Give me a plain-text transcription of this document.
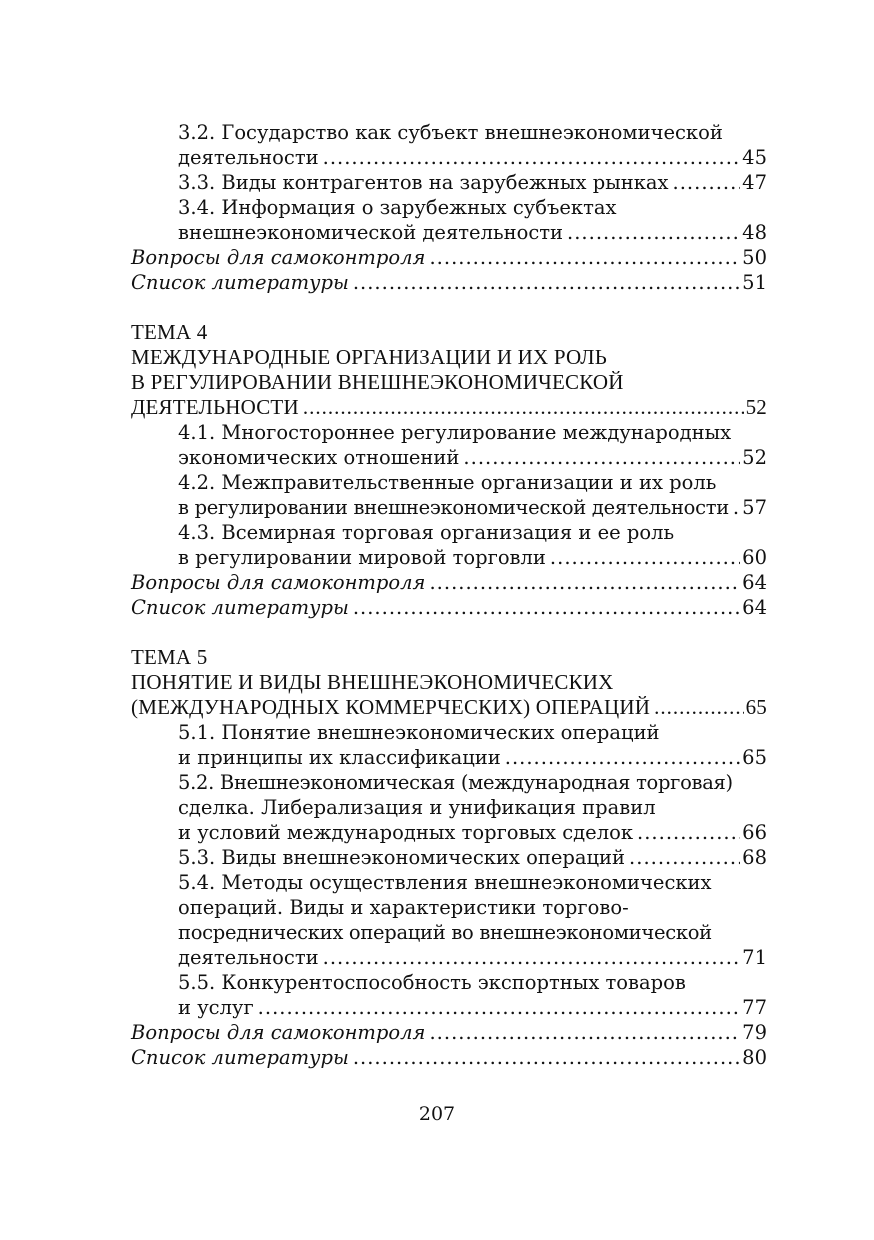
3.2. Государство как субъект внешнеэкономической
деятельности .....	45
3.3. Виды контрагентов на зарубежных рынках .....	47
3.4. Информация о зарубежных субъектах
внешнеэкономической деятельности .....	48
Вопросы для самоконтроля .....	50
Список литературы .....	51
ТЕМА 4
МЕЖДУНАРОДНЫЕ ОРГАНИЗАЦИИ И ИХ РОЛЬ
В РЕГУЛИРОВАНИИ ВНЕШНЕЭКОНОМИЧЕСКОЙ
ДЕЯТЕЛЬНОСТИ .....	52
4.1. Многостороннее регулирование международных
экономических отношений .....	52
4.2. Межправительственные организации и их роль
в регулировании внешнеэкономической деятельности ..... 57
4.3. Всемирная торговая организация и ее роль
в регулировании мировой торговли .....	60
Вопросы для самоконтроля .....	64
Список литературы .....	64
ТЕМА 5
ПОНЯТИЕ И ВИДЫ ВНЕШНЕЭКОНОМИЧЕСКИХ
(МЕЖДУНАРОДНЫХ КОММЕРЧЕСКИХ) ОПЕРАЦИЙ .....	65
5.1. Понятие внешнеэкономических операций
и принципы их классификации .....	65
5.2. Внешнеэкономическая (международная торговая)
сделка. Либерализация и унификация правил
и условий международных торговых сделок .....	66
5.3. Виды внешнеэкономических операций .....	68
5.4. Методы осуществления внешнеэкономических
операций. Виды и характеристики торгово-
посреднических операций во внешнеэкономической
деятельности .....	71
5.5. Конкурентоспособность экспортных товаров
и услуг .....	77
Вопросы для самоконтроля .....	79
Список литературы .....	80
207
